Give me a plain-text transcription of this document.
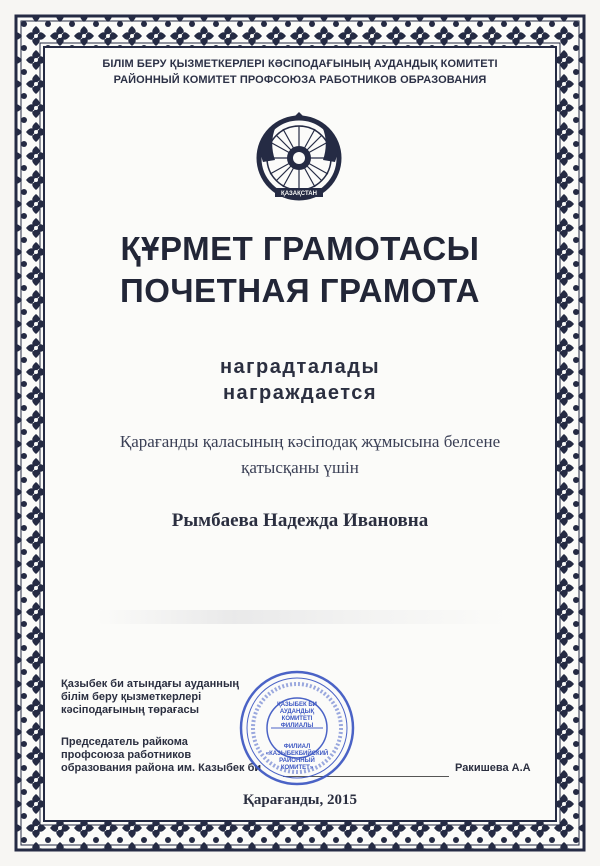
БІЛІМ БЕРУ ҚЫЗМЕТКЕРЛЕРІ КӘСІПОДАҒЫНЫҢ АУДАНДЫҚ КОМИТЕТІ
РАЙОННЫЙ КОМИТЕТ ПРОФСОЮЗА РАБОТНИКОВ ОБРАЗОВАНИЯ
ҚАЗАҚСТАН
ҚҰРМЕТ ГРАМОТАСЫ
ПОЧЕТНАЯ ГРАМОТА
наградталады
награждается
Қарағанды қаласының кәсіподақ жұмысына белсене
қатысқаны үшін
Рымбаева Надежда Ивановна
Қазыбек би атындағы ауданның
білім беру қызметкерлері
кәсіподағының төрағасы
Председатель райкома
профсоюза работников
образования района им. Казыбек би	Ракишева А.А
ҚАЗЫБЕК БИ АУДАНДЫҚ КОМИТЕТІ ФИЛИАЛЫ
ФИЛИАЛ «КАЗЫБЕКБИЙСКИЙ РАЙОННЫЙ КОМИТЕТ»
Қарағанды, 2015
